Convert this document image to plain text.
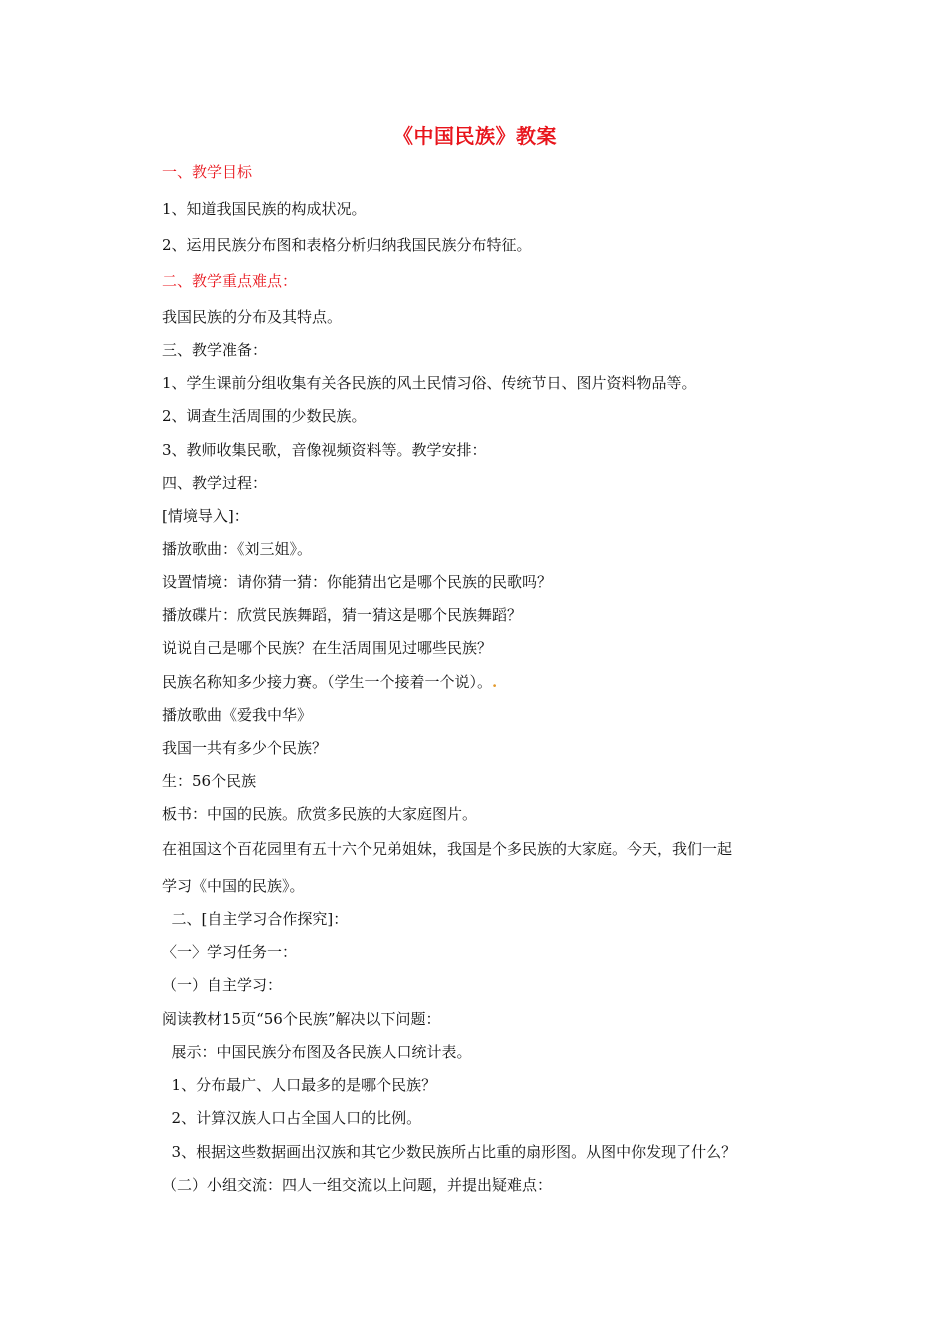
《中国民族》教案
一、教学目标
1、知道我国民族的构成状况。
2、运用民族分布图和表格分析归纳我国民族分布特征。
二、教学重点难点：
我国民族的分布及其特点。
三、教学准备：
1、学生课前分组收集有关各民族的风土民情习俗、传统节日、图片资料物品等。
2、调查生活周围的少数民族。
3、教师收集民歌，音像视频资料等。教学安排：
四、教学过程：
[情境导入]：
播放歌曲：《刘三姐》。
设置情境：请你猜一猜：你能猜出它是哪个民族的民歌吗？
播放碟片：欣赏民族舞蹈，猜一猜这是哪个民族舞蹈？
说说自己是哪个民族？在生活周围见过哪些民族？
民族名称知多少接力赛。（学生一个接着一个说）。.
播放歌曲《爱我中华》
我国一共有多少个民族？
生：56个民族
板书：中国的民族。欣赏多民族的大家庭图片。
在祖国这个百花园里有五十六个兄弟姐妹，我国是个多民族的大家庭。今天，我们一起
学习《中国的民族》。
二、[自主学习合作探究]：
〈一〉学习任务一：
（一）自主学习：
阅读教材15页“56个民族”解决以下问题：
展示：中国民族分布图及各民族人口统计表。
1、分布最广、人口最多的是哪个民族？
2、计算汉族人口占全国人口的比例。
3、根据这些数据画出汉族和其它少数民族所占比重的扇形图。从图中你发现了什么？
（二）小组交流：四人一组交流以上问题，并提出疑难点：
